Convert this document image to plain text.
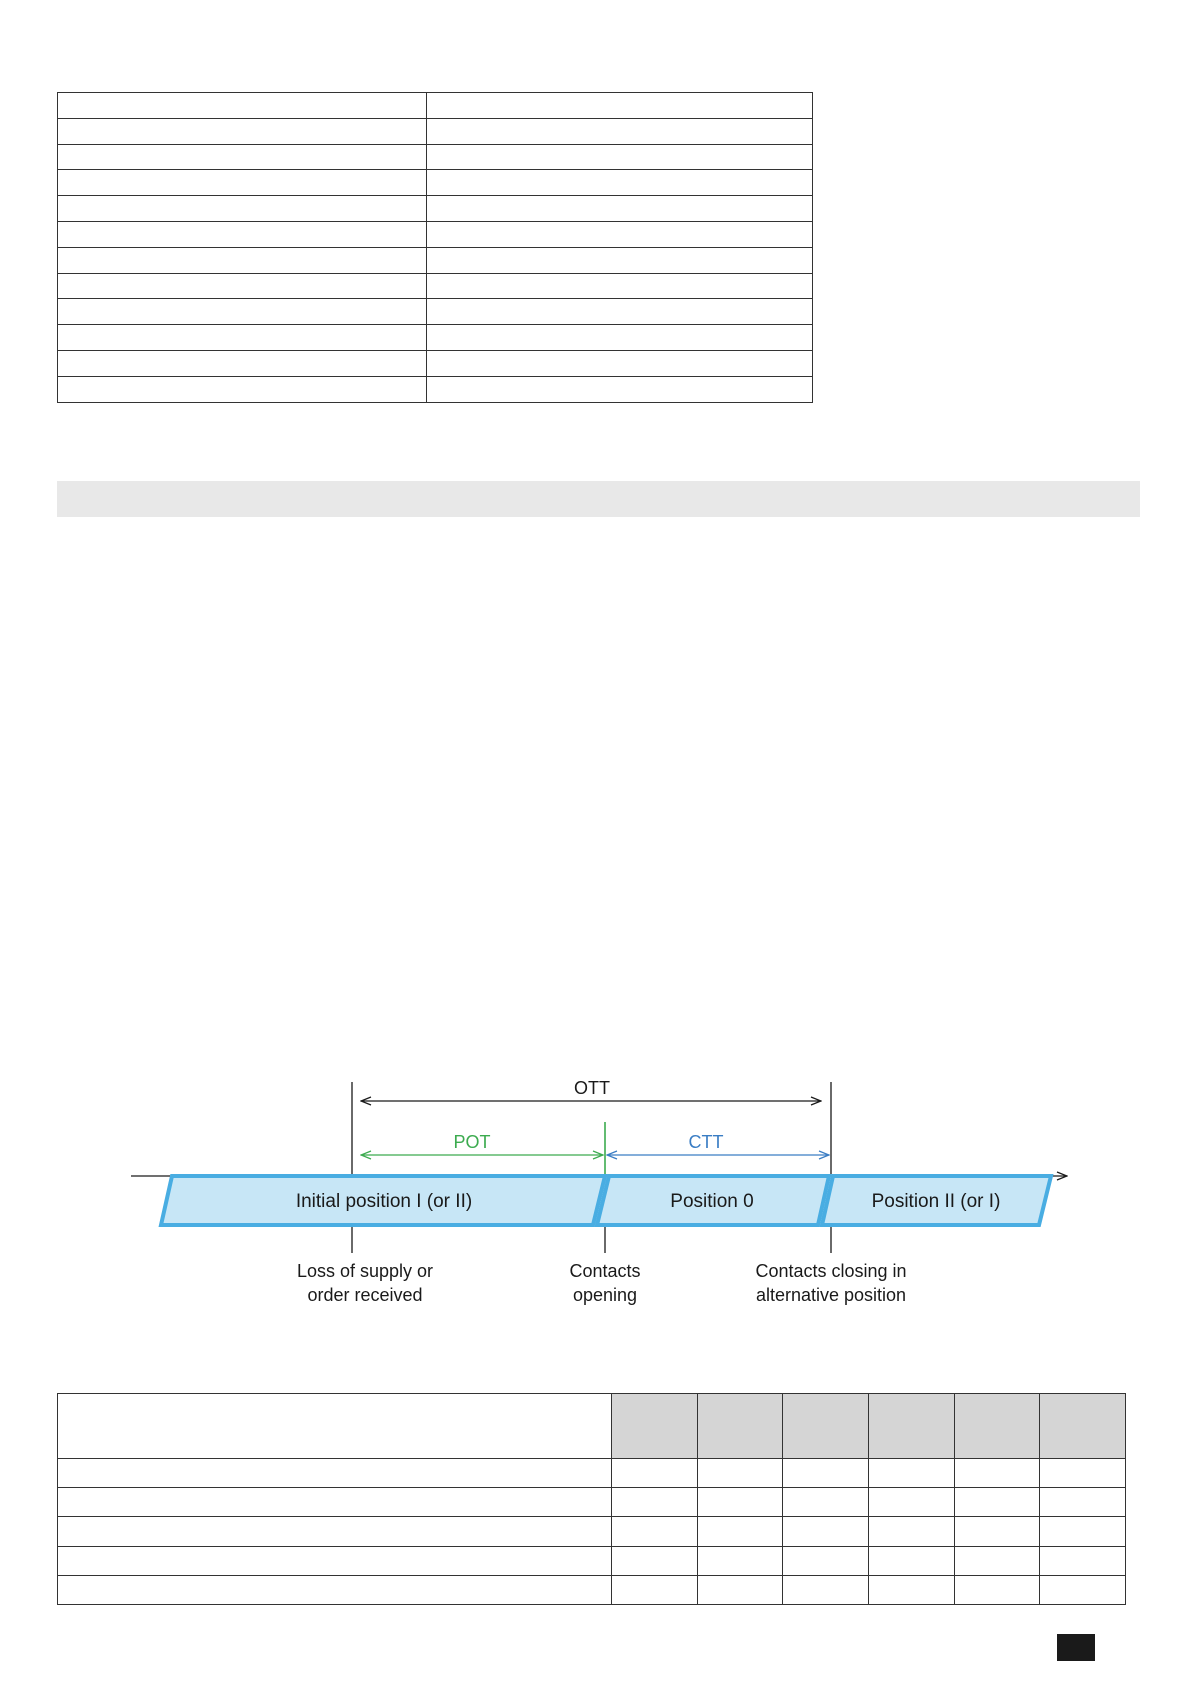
OTT
POT	CTT
Initial position I (or II)	Position 0	Position II (or I)
Loss of supply or
order received
Contacts
opening
Contacts closing in
alternative position
